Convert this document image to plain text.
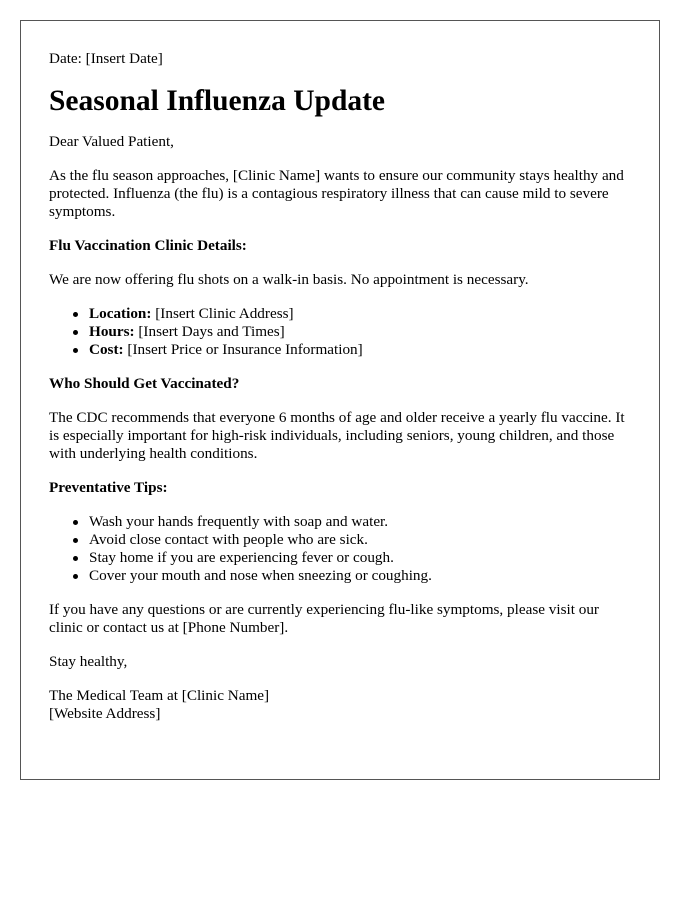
Date: [Insert Date]

Seasonal Influenza Update

Dear Valued Patient,

As the flu season approaches, [Clinic Name] wants to ensure our community stays healthy and protected. Influenza (the flu) is a contagious respiratory illness that can cause mild to severe symptoms.

Flu Vaccination Clinic Details:

We are now offering flu shots on a walk-in basis. No appointment is necessary.

Location: [Insert Clinic Address]
Hours: [Insert Days and Times]
Cost: [Insert Price or Insurance Information]
Who Should Get Vaccinated?

The CDC recommends that everyone 6 months of age and older receive a yearly flu vaccine. It is especially important for high-risk individuals, including seniors, young children, and those with underlying health conditions.

Preventative Tips:
Wash your hands frequently with soap and water.
Avoid close contact with people who are sick.
Stay home if you are experiencing fever or cough.
Cover your mouth and nose when sneezing or coughing.

If you have any questions or are currently experiencing flu-like symptoms, please visit our clinic or contact us at [Phone Number].

Stay healthy,

The Medical Team at [Clinic Name]

[Website Address]
